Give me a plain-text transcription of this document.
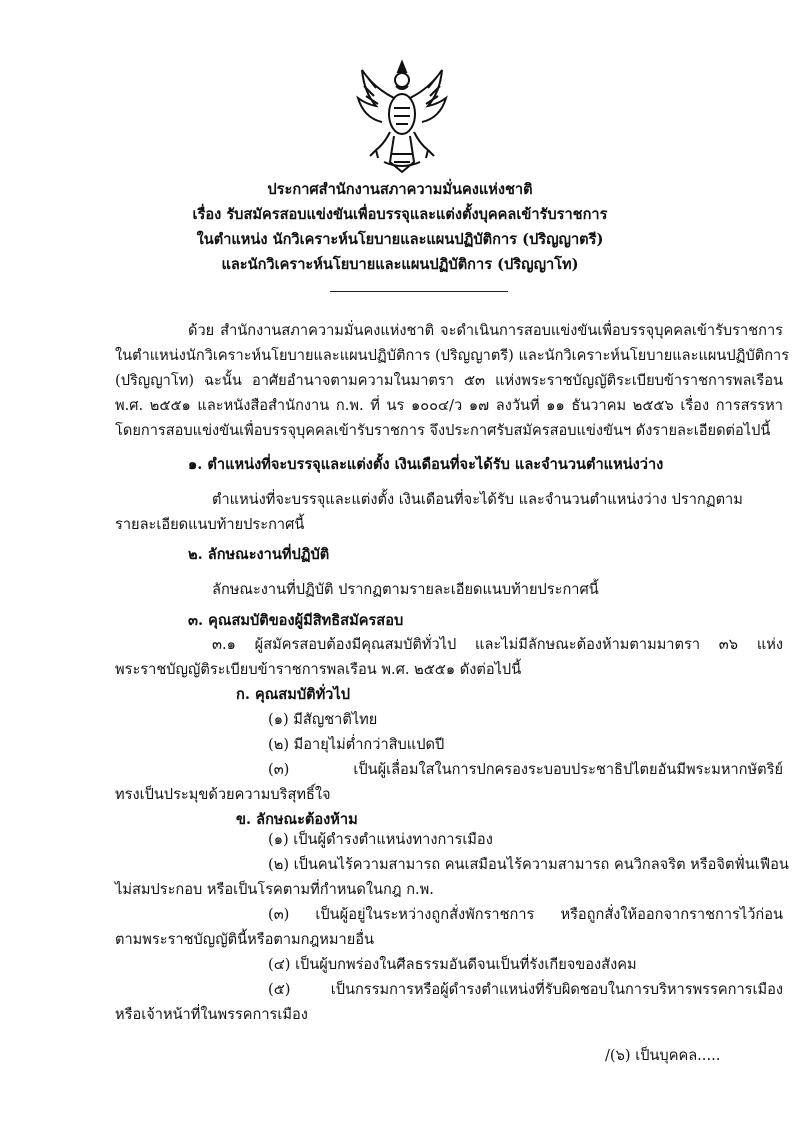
ประกาศสำนักงานสภาความมั่นคงแห่งชาติ

เรื่อง รับสมัครสอบแข่งขันเพื่อบรรจุและแต่งตั้งบุคคลเข้ารับราชการ

ในตำแหน่ง นักวิเคราะห์นโยบายและแผนปฏิบัติการ (ปริญญาตรี)

และนักวิเคราะห์นโยบายและแผนปฏิบัติการ (ปริญญาโท)

ด้วย สำนักงานสภาความมั่นคงแห่งชาติ จะดำเนินการสอบแข่งขันเพื่อบรรจุบุคคลเข้ารับราชการ

ในตำแหน่งนักวิเคราะห์นโยบายและแผนปฏิบัติการ (ปริญญาตรี) และนักวิเคราะห์นโยบายและแผนปฏิบัติการ

(ปริญญาโท) ฉะนั้น อาศัยอำนาจตามความในมาตรา ๕๓ แห่งพระราชบัญญัติระเบียบข้าราชการพลเรือน

พ.ศ. ๒๕๕๑ และหนังสือสำนักงาน ก.พ. ที่ นร ๑๐๐๔/ว ๑๗ ลงวันที่ ๑๑ ธันวาคม ๒๕๕๖ เรื่อง การสรรหา

โดยการสอบแข่งขันเพื่อบรรจุบุคคลเข้ารับราชการ จึงประกาศรับสมัครสอบแข่งขันฯ ดังรายละเอียดต่อไปนี้

๑. ตำแหน่งที่จะบรรจุและแต่งตั้ง เงินเดือนที่จะได้รับ และจำนวนตำแหน่งว่าง

ตำแหน่งที่จะบรรจุและแต่งตั้ง เงินเดือนที่จะได้รับ และจำนวนตำแหน่งว่าง ปรากฏตาม

รายละเอียดแนบท้ายประกาศนี้

๒. ลักษณะงานที่ปฏิบัติ

ลักษณะงานที่ปฏิบัติ ปรากฏตามรายละเอียดแนบท้ายประกาศนี้

๓. คุณสมบัติของผู้มีสิทธิสมัครสอบ

๓.๑ ผู้สมัครสอบต้องมีคุณสมบัติทั่วไป และไม่มีลักษณะต้องห้ามตามมาตรา ๓๖ แห่ง

พระราชบัญญัติระเบียบข้าราชการพลเรือน พ.ศ. ๒๕๕๑ ดังต่อไปนี้

ก. คุณสมบัติทั่วไป

(๑) มีสัญชาติไทย

(๒) มีอายุไม่ต่ำกว่าสิบแปดปี

(๓) เป็นผู้เลื่อมใสในการปกครองระบอบประชาธิปไตยอันมีพระมหากษัตริย์

ทรงเป็นประมุขด้วยความบริสุทธิ์ใจ

ข. ลักษณะต้องห้าม

(๑) เป็นผู้ดำรงตำแหน่งทางการเมือง

(๒) เป็นคนไร้ความสามารถ คนเสมือนไร้ความสามารถ คนวิกลจริต หรือจิตฟั่นเฟือน

ไม่สมประกอบ หรือเป็นโรคตามที่กำหนดในกฎ ก.พ.

(๓) เป็นผู้อยู่ในระหว่างถูกสั่งพักราชการ หรือถูกสั่งให้ออกจากราชการไว้ก่อน

ตามพระราชบัญญัตินี้หรือตามกฎหมายอื่น

(๔) เป็นผู้บกพร่องในศีลธรรมอันดีจนเป็นที่รังเกียจของสังคม

(๕) เป็นกรรมการหรือผู้ดำรงตำแหน่งที่รับผิดชอบในการบริหารพรรคการเมือง

หรือเจ้าหน้าที่ในพรรคการเมือง

/(๖) เป็นบุคคล.....
